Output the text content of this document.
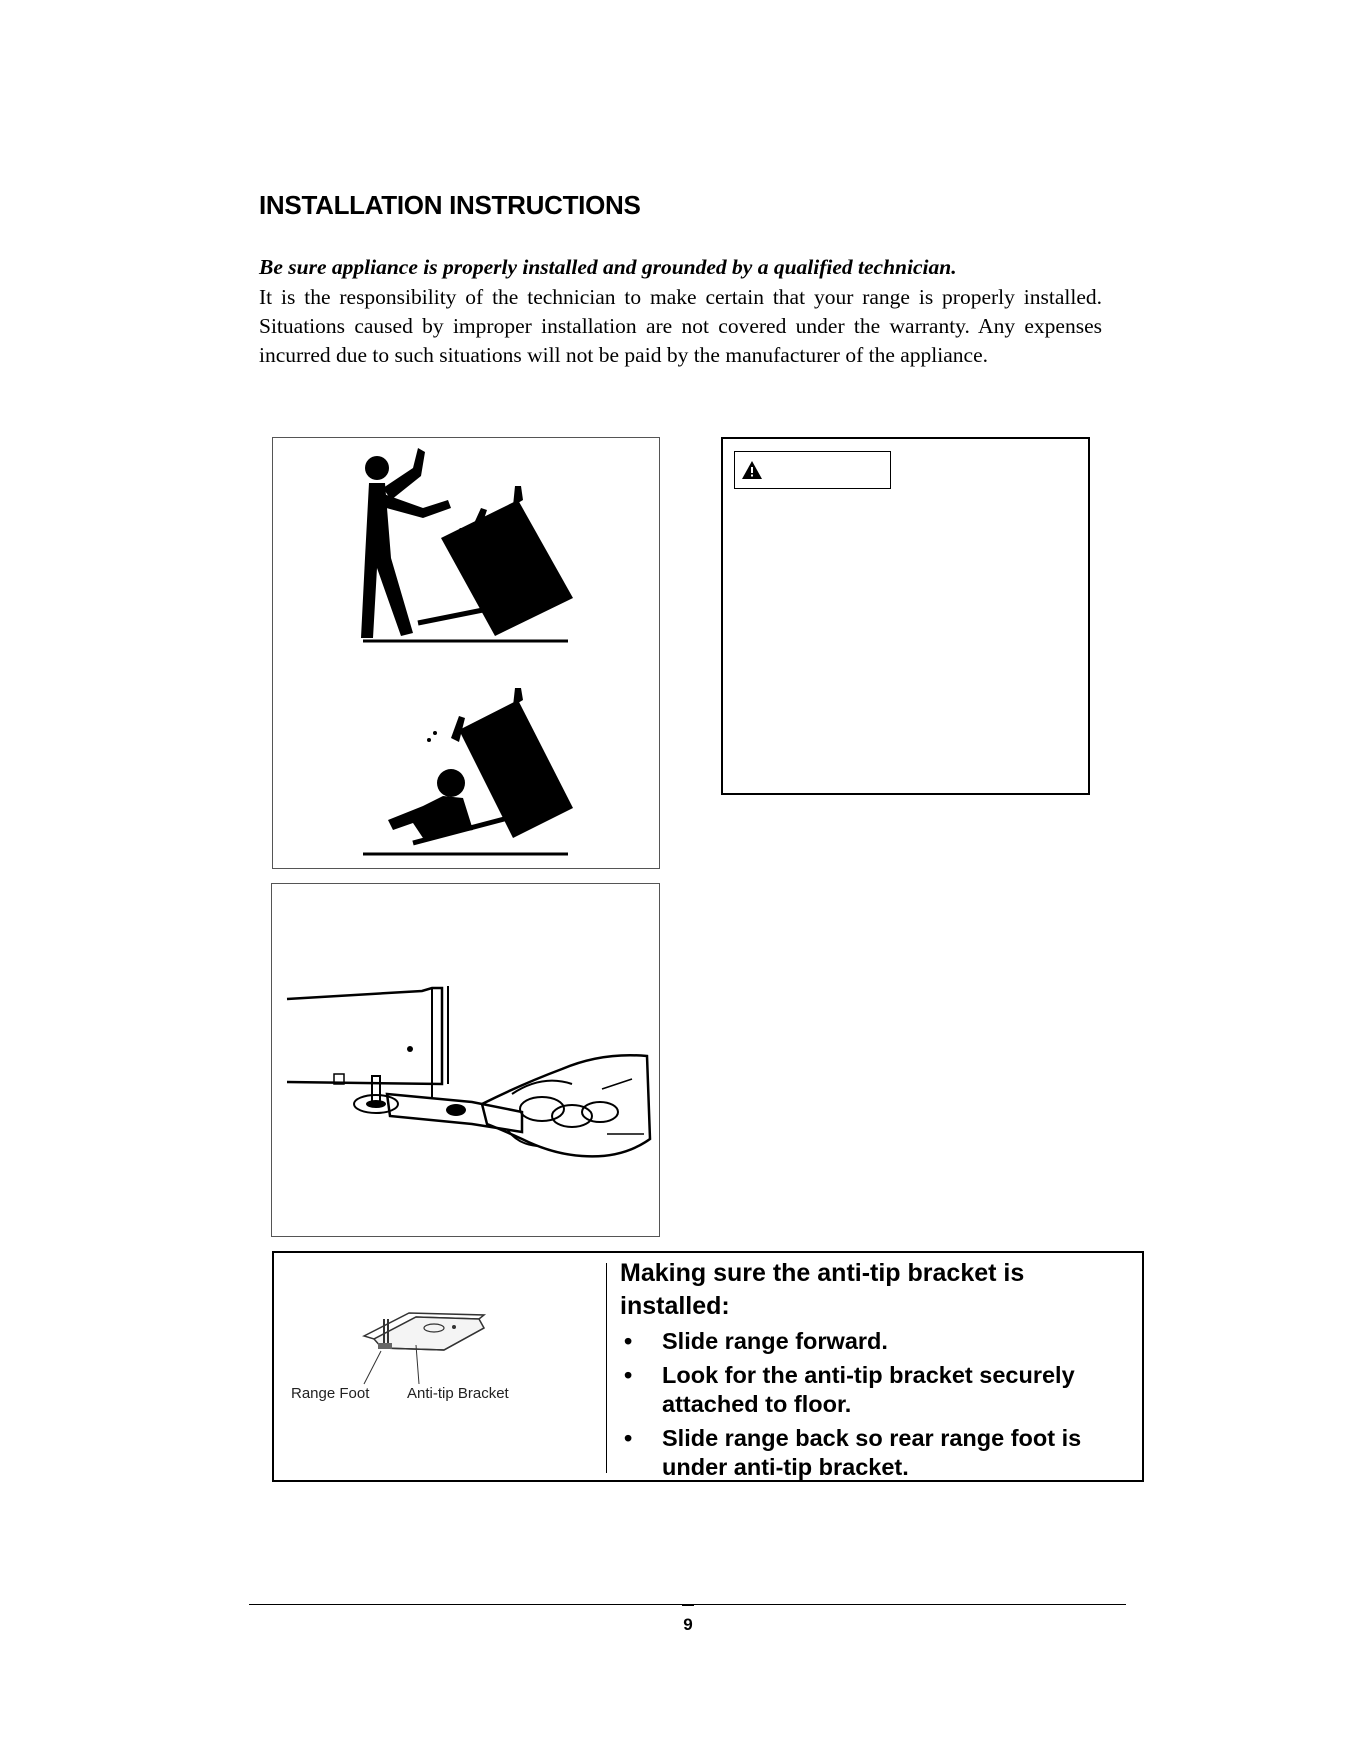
INSTALLATION INSTRUCTIONS
Be sure appliance is properly installed and grounded by a qualified technician.
It is the responsibility of the technician to make certain that your range is properly installed. Situations caused by improper installation are not covered under the warranty. Any expenses incurred due to such situations will not be paid by the manufacturer of the appliance.
Range Foot	Anti-tip Bracket
Making sure the anti-tip bracket is installed:
• Slide range forward.
• Look for the anti-tip bracket securely attached to floor.
• Slide range back so rear range foot is under anti-tip bracket.
9
